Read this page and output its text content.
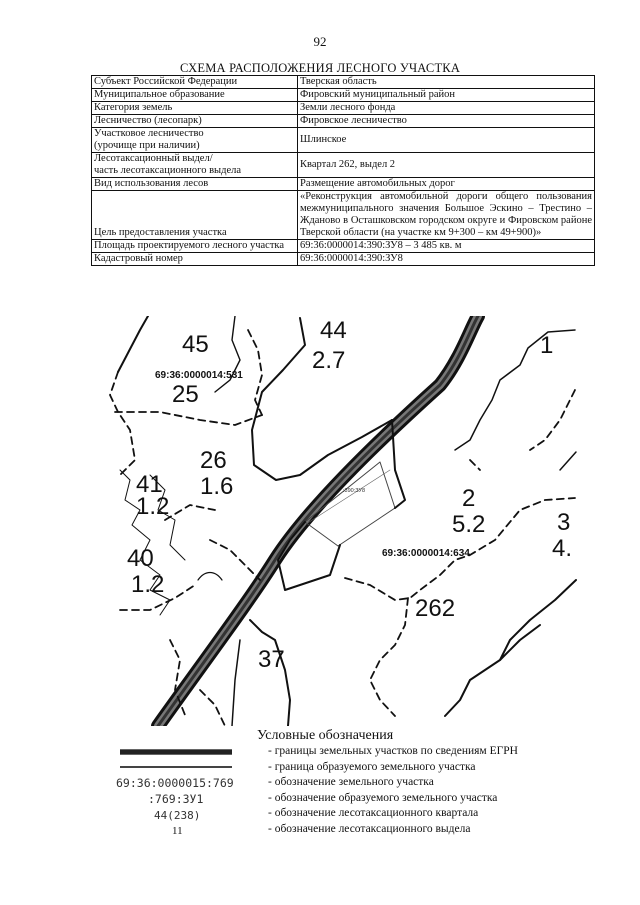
92
СХЕМА РАСПОЛОЖЕНИЯ ЛЕСНОГО УЧАСТКА
Субъект Российской Федерации	Тверская область
Муниципальное образование	Фировский муниципальный район
Категория земель	Земли лесного фонда
Лесничество (лесопарк)	Фировское лесничество
Участковое лесничество
(урочище при наличии)	Шлинское
Лесотаксационный выдел/
часть лесотаксационного выдела	Квартал 262, выдел 2
Вид использования лесов	Размещение автомобильных дорог
Цель предоставления участка	«Реконструкция автомобильной дороги общего пользования межмуниципального значения Большое Эскино – Трестино – Жданово в Осташковском городском округе и Фировском районе Тверской области (на участке км 9+300 – км 49+900)»
Площадь проектируемого лесного участка	69:36:0000014:390:ЗУ8 – 3 485 кв. м
Кадастровый номер	69:36:0000014:390:ЗУ8
45
44
2.7
1
69:36:0000014:531
25
26
1.6
41
1.2
40
1.2
2
5.2	3
4.
69:36:0000014:634
:390:ЗУ8
262
37
Условные обозначения
69:36:0000015:769
:769:ЗУ1
44(238)
11
- границы земельных участков по сведениям ЕГРН
- граница образуемого земельного участка
- обозначение земельного участка
- обозначение образуемого земельного участка
- обозначение лесотаксационного квартала
- обозначение лесотаксационного выдела
